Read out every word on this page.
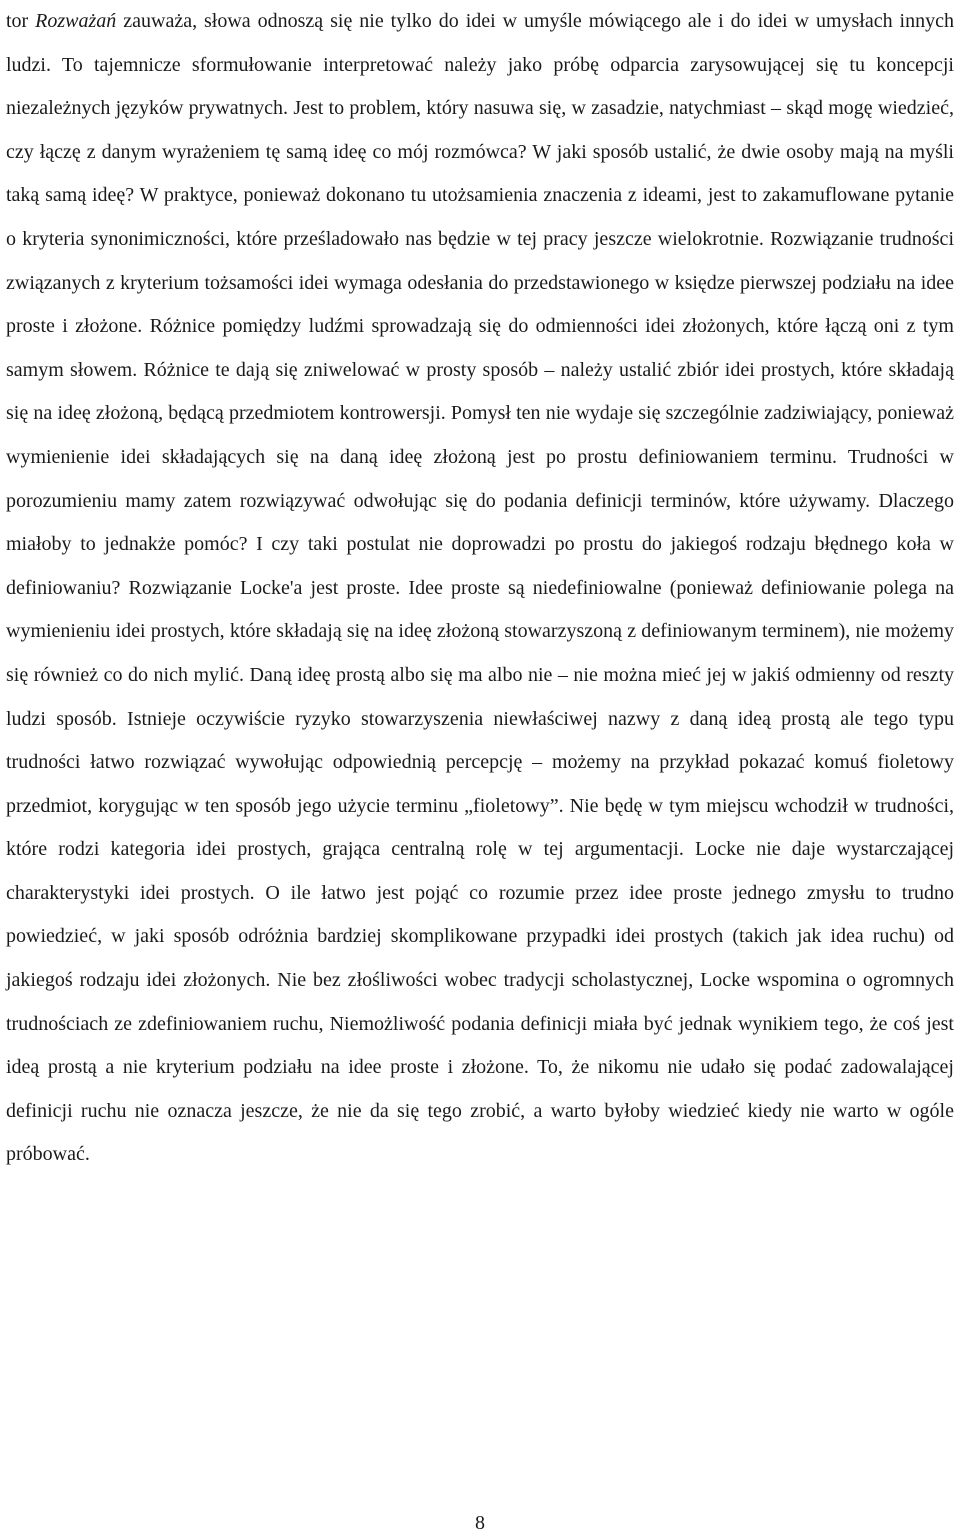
tor Rozważań zauważa, słowa odnoszą się nie tylko do idei w umyśle mówiącego ale i do idei w umysłach innych ludzi. To tajemnicze sformułowanie interpretować należy jako próbę odparcia zarysowującej się tu koncepcji niezależnych języków prywatnych. Jest to problem, który nasuwa się, w zasadzie, natychmiast – skąd mogę wiedzieć, czy łączę z danym wyrażeniem tę samą ideę co mój rozmówca? W jaki sposób ustalić, że dwie osoby mają na myśli taką samą ideę? W praktyce, ponieważ dokonano tu utożsamienia znaczenia z ideami, jest to zakamuflowane pytanie o kryteria synonimiczności, które prześladowało nas będzie w tej pracy jeszcze wielokrotnie. Rozwiązanie trudności związanych z kryterium tożsamości idei wymaga odesłania do przedstawionego w księdze pierwszej podziału na idee proste i złożone. Różnice pomiędzy ludźmi sprowadzają się do odmienności idei złożonych, które łączą oni z tym samym słowem. Różnice te dają się zniwelować w prosty sposób – należy ustalić zbiór idei prostych, które składają się na ideę złożoną, będącą przedmiotem kontrowersji. Pomysł ten nie wydaje się szczególnie zadziwiający, ponieważ wymienienie idei składających się na daną ideę złożoną jest po prostu definiowaniem terminu. Trudności w porozumieniu mamy zatem rozwiązywać odwołując się do podania definicji terminów, które używamy. Dlaczego miałoby to jednakże pomóc? I czy taki postulat nie doprowadzi po prostu do jakiegoś rodzaju błędnego koła w definiowaniu? Rozwiązanie Locke'a jest proste. Idee proste są niedefiniowalne (ponieważ definiowanie polega na wymienieniu idei prostych, które składają się na ideę złożoną stowarzyszoną z definiowanym terminem), nie możemy się również co do nich mylić. Daną ideę prostą albo się ma albo nie – nie można mieć jej w jakiś odmienny od reszty ludzi sposób. Istnieje oczywiście ryzyko stowarzyszenia niewłaściwej nazwy z daną ideą prostą ale tego typu trudności łatwo rozwiązać wywołując odpowiednią percepcję – możemy na przykład pokazać komuś fioletowy przedmiot, korygując w ten sposób jego użycie terminu „fioletowy”. Nie będę w tym miejscu wchodził w trudności, które rodzi kategoria idei prostych, grająca centralną rolę w tej argumentacji. Locke nie daje wystarczającej charakterystyki idei prostych. O ile łatwo jest pojąć co rozumie przez idee proste jednego zmysłu to trudno powiedzieć, w jaki sposób odróżnia bardziej skomplikowane przypadki idei prostych (takich jak idea ruchu) od jakiegoś rodzaju idei złożonych. Nie bez złośliwości wobec tradycji scholastycznej, Locke wspomina o ogromnych trudnościach ze zdefiniowaniem ruchu, Niemożliwość podania definicji miała być jednak wynikiem tego, że coś jest ideą prostą a nie kryterium podziału na idee proste i złożone. To, że nikomu nie udało się podać zadowalającej definicji ruchu nie oznacza jeszcze, że nie da się tego zrobić, a warto byłoby wiedzieć kiedy nie warto w ogóle próbować.

8
